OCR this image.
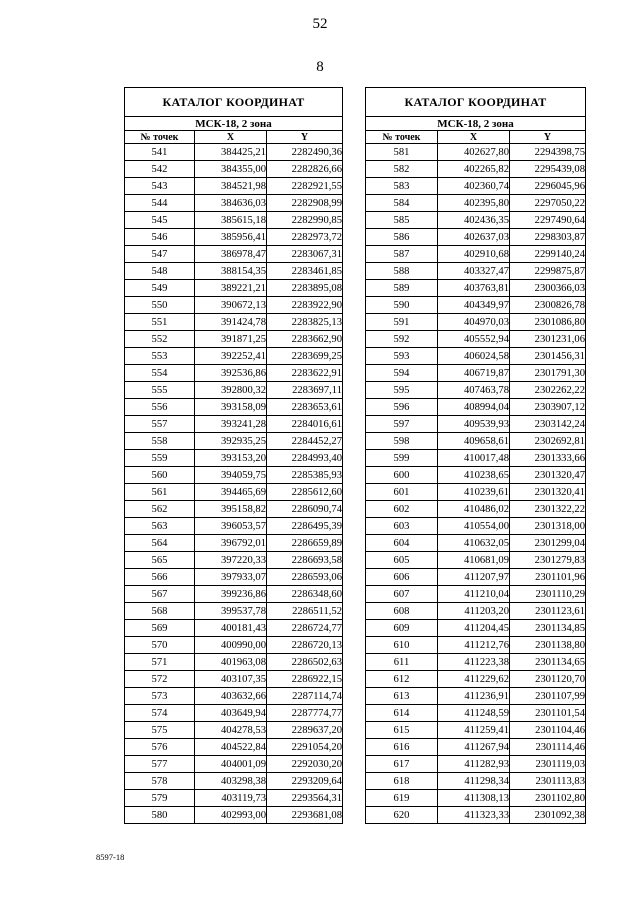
52
8
КАТАЛОГ КООРДИНАТ		
МСК-18, 2 зона		
№ точек	X	Y
541	384425,21	2282490,36
542	384355,00	2282826,66
543	384521,98	2282921,55
544	384636,03	2282908,99
545	385615,18	2282990,85
546	385956,41	2282973,72
547	386978,47	2283067,31
548	388154,35	2283461,85
549	389221,21	2283895,08
550	390672,13	2283922,90
551	391424,78	2283825,13
552	391871,25	2283662,90
553	392252,41	2283699,25
554	392536,86	2283622,91
555	392800,32	2283697,11
556	393158,09	2283653,61
557	393241,28	2284016,61
558	392935,25	2284452,27
559	393153,20	2284993,40
560	394059,75	2285385,93
561	394465,69	2285612,60
562	395158,82	2286090,74
563	396053,57	2286495,39
564	396792,01	2286659,89
565	397220,33	2286693,58
566	397933,07	2286593,06
567	399236,86	2286348,60
568	399537,78	2286511,52
569	400181,43	2286724,77
570	400990,00	2286720,13
571	401963,08	2286502,63
572	403107,35	2286922,15
573	403632,66	2287114,74
574	403649,94	2287774,77
575	404278,53	2289637,20
576	404522,84	2291054,20
577	404001,09	2292030,20
578	403298,38	2293209,64
579	403119,73	2293564,31
580	402993,00	2293681,08
КАТАЛОГ КООРДИНАТ		
МСК-18, 2 зона		
№ точек	X	Y
581	402627,80	2294398,75
582	402265,82	2295439,08
583	402360,74	2296045,96
584	402395,80	2297050,22
585	402436,35	2297490,64
586	402637,03	2298303,87
587	402910,68	2299140,24
588	403327,47	2299875,87
589	403763,81	2300366,03
590	404349,97	2300826,78
591	404970,03	2301086,80
592	405552,94	2301231,06
593	406024,58	2301456,31
594	406719,87	2301791,30
595	407463,78	2302262,22
596	408994,04	2303907,12
597	409539,93	2303142,24
598	409658,61	2302692,81
599	410017,48	2301333,66
600	410238,65	2301320,47
601	410239,61	2301320,41
602	410486,02	2301322,22
603	410554,00	2301318,00
604	410632,05	2301299,04
605	410681,09	2301279,83
606	411207,97	2301101,96
607	411210,04	2301110,29
608	411203,20	2301123,61
609	411204,45	2301134,85
610	411212,76	2301138,80
611	411223,38	2301134,65
612	411229,62	2301120,70
613	411236,91	2301107,99
614	411248,59	2301101,54
615	411259,41	2301104,46
616	411267,94	2301114,46
617	411282,93	2301119,03
618	411298,34	2301113,83
619	411308,13	2301102,80
620	411323,33	2301092,38
8597-18
